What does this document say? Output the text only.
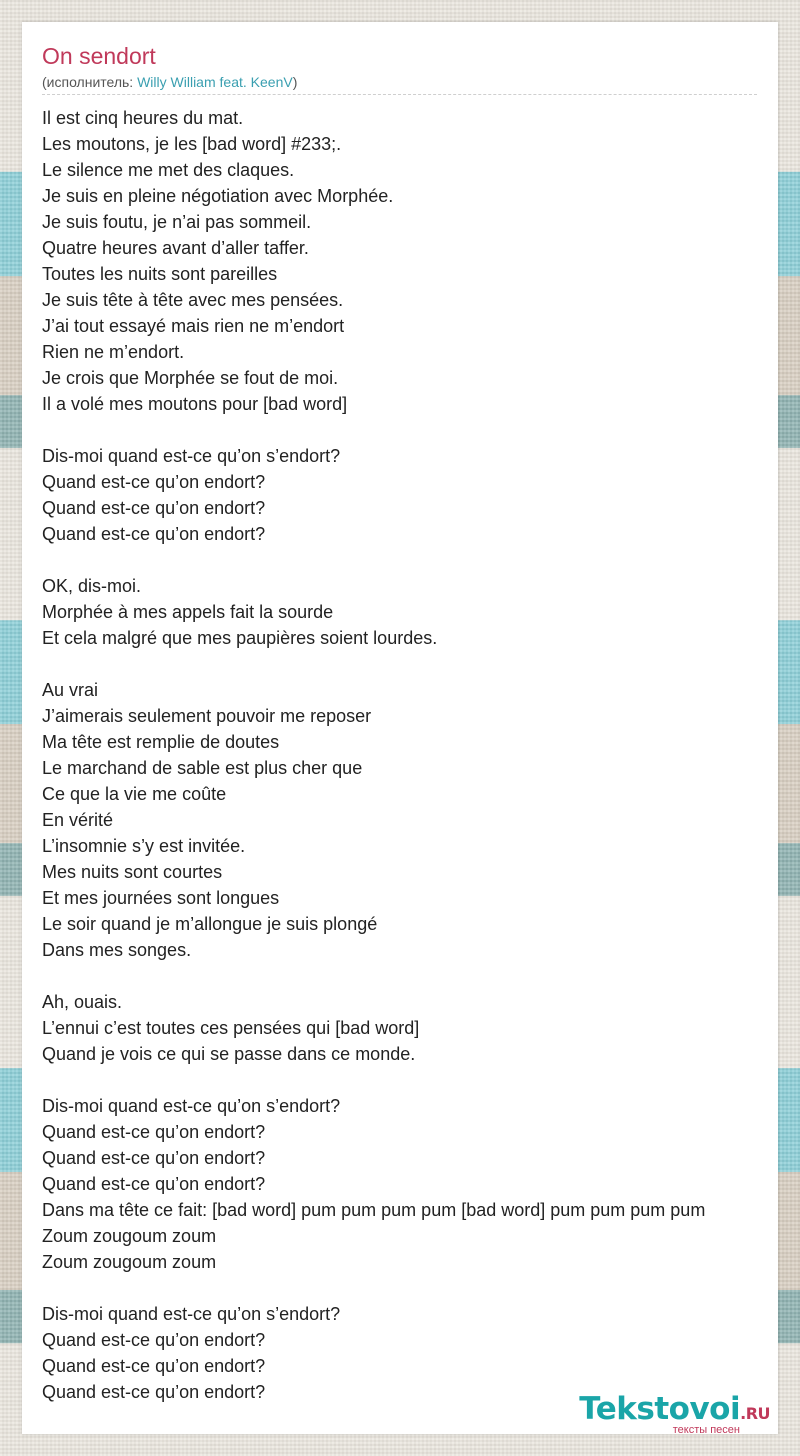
On sendort
(исполнитель: Willy William feat. KeenV)
Il est cinq heures du mat.
Les moutons, je les [bad word] #233;.
Le silence me met des claques.
Je suis en pleine négotiation avec Morphée.
Je suis foutu, je n’ai pas sommeil.
Quatre heures avant d’aller taffer.
Toutes les nuits sont pareilles
Je suis tête à tête avec mes pensées.
J’ai tout essayé mais rien ne m’endort
Rien ne m’endort.
Je crois que Morphée se fout de moi.
Il a volé mes moutons pour [bad word]
Dis-moi quand est-ce qu’on s’endort?
Quand est-ce qu’on endort?
Quand est-ce qu’on endort?
Quand est-ce qu’on endort?
OK, dis-moi.
Morphée à mes appels fait la sourde
Et cela malgré que mes paupières soient lourdes.
Au vrai
J’aimerais seulement pouvoir me reposer
Ma tête est remplie de doutes
Le marchand de sable est plus cher que
Ce que la vie me coûte
En vérité
L’insomnie s’y est invitée.
Mes nuits sont courtes
Et mes journées sont longues
Le soir quand je m’allongue je suis plongé
Dans mes songes.
Ah, ouais.
L’ennui c’est toutes ces pensées qui [bad word]
Quand je vois ce qui se passe dans ce monde.
Dis-moi quand est-ce qu’on s’endort?
Quand est-ce qu’on endort?
Quand est-ce qu’on endort?
Quand est-ce qu’on endort?
Dans ma tête ce fait: [bad word] pum pum pum pum [bad word] pum pum pum pum
Zoum zougoum zoum
Zoum zougoum zoum
Dis-moi quand est-ce qu’on s’endort?
Quand est-ce qu’on endort?
Quand est-ce qu’on endort?
Quand est-ce qu’on endort?	Tekstovoi.RU
тексты песен
